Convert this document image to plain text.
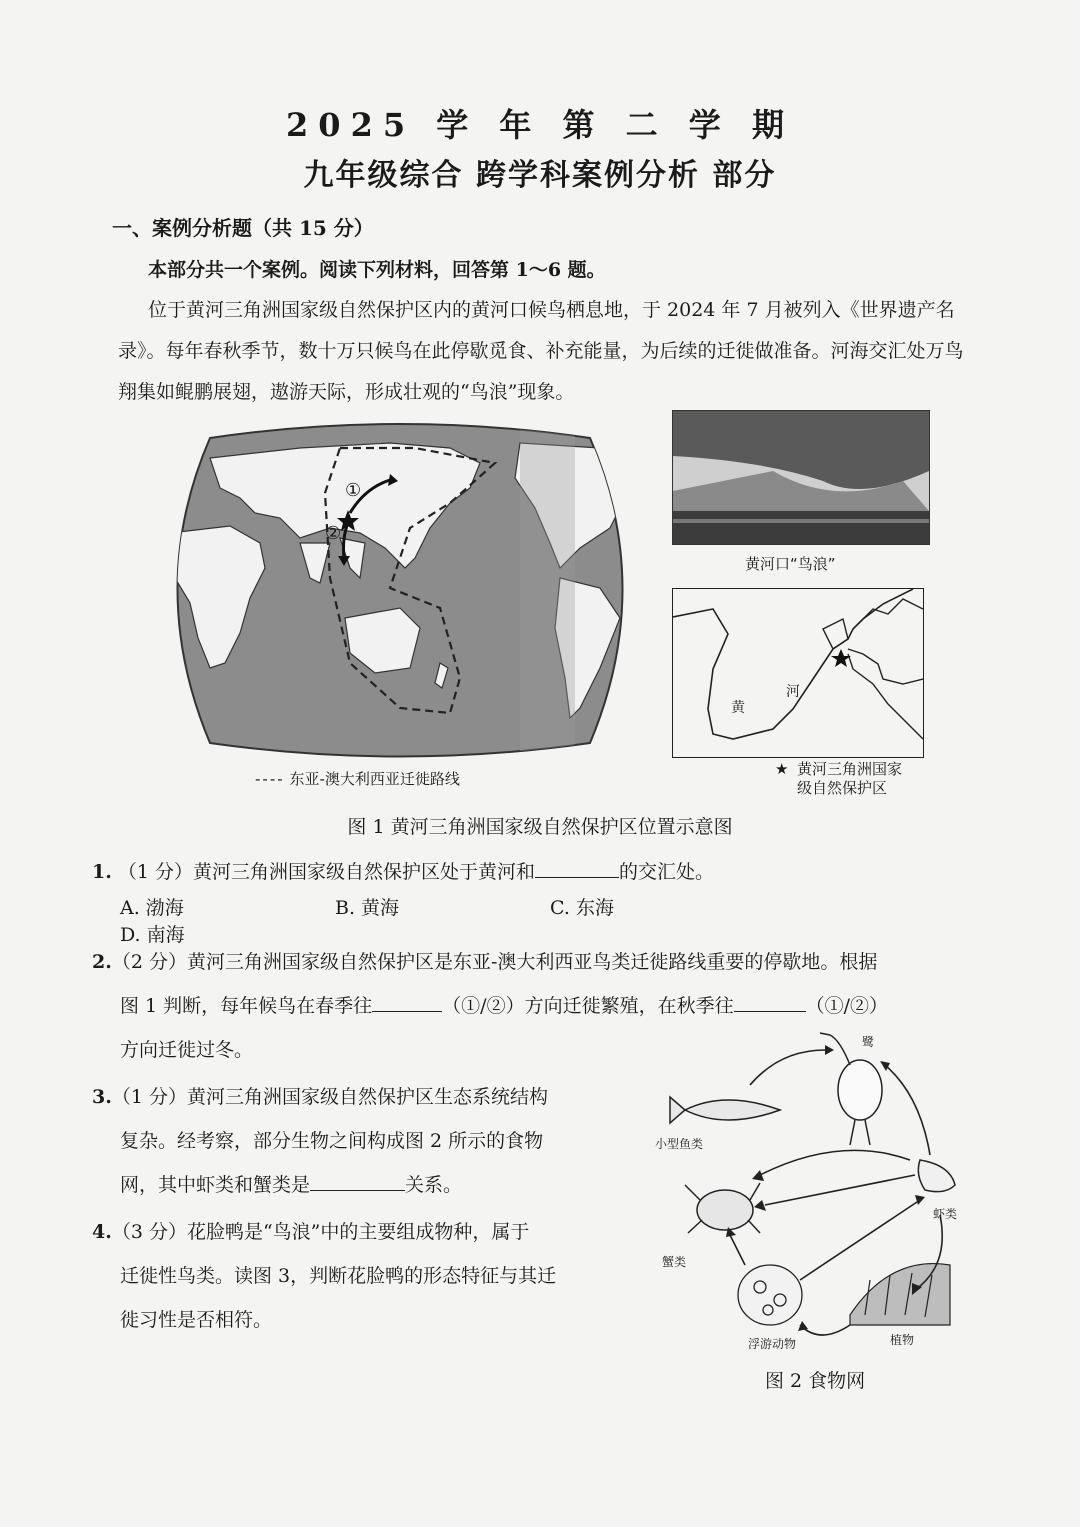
2025 学 年 第 二 学 期
九年级综合 跨学科案例分析 部分
一、案例分析题（共 15 分）
本部分共一个案例。阅读下列材料，回答第 1～6 题。
位于黄河三角洲国家级自然保护区内的黄河口候鸟栖息地，于 2024 年 7 月被列入《世界遗产名录》。每年春秋季节，数十万只候鸟在此停歇觅食、补充能量，为后续的迁徙做准备。河海交汇处万鸟翔集如鲲鹏展翅，遨游天际，形成壮观的“鸟浪”现象。
①
②
---- 东亚-澳大利西亚迁徙路线
黄河口“鸟浪”
黄
河
★ 黄河三角洲国家
级自然保护区
图 1 黄河三角洲国家级自然保护区位置示意图
1. （1 分）黄河三角洲国家级自然保护区处于黄河和	的交汇处。
A. 渤海	B. 黄海	C. 东海D. 南海
2.（2 分）黄河三角洲国家级自然保护区是东亚-澳大利西亚鸟类迁徙路线重要的停歇地。根据
图 1 判断，每年候鸟在春季往	（①/②）方向迁徙繁殖，在秋季往	（①/②）
方向迁徙过冬。
3.（1 分）黄河三角洲国家级自然保护区生态系统结构
复杂。经考察，部分生物之间构成图 2 所示的食物
网，其中虾类和蟹类是	关系。
4.（3 分）花脸鸭是“鸟浪”中的主要组成物种，属于
迁徙性鸟类。读图 3，判断花脸鸭的形态特征与其迁
徙习性是否相符。
鹭
小型鱼类
虾类
蟹类
浮游动物	植物
图 2 食物网
